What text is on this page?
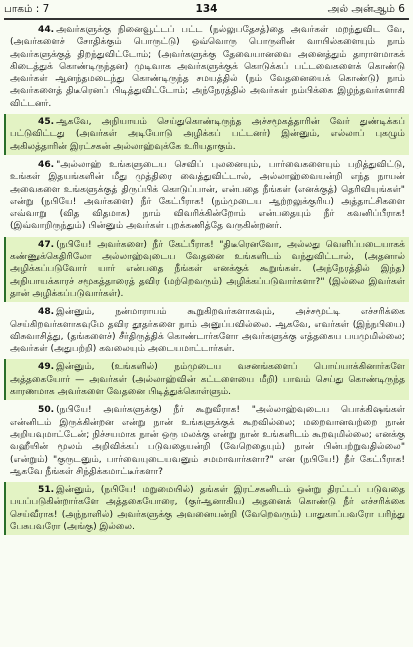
பாகம் : 7	134	அல் அன்ஆம் 6

44. அவர்களுக்கு நினைவூட்டப் பட்ட (நல்லுபதேசத்)தை அவர்கள் மறந்துவிட வே, (அவர்களைச் சோதிக்கும் பொருட்டு) ஒவ்வொரு பொருளின் வாயில்களையும் நாம் அவர்களுக்குத் திறந்துவிட்டோம்; (அவர்களுக்கு தேவையானவை அனைத்தும் தாராளமாகக் கிடைத்துக் கொண்டிருந்தன) முடிவாக அவர்களுக்குக் கொடுக்கப் பட்டவைகளைக் கொண்டு அவர்கள் ஆனந்தமடைந்து கொண்டிருந்த சமயத்தில் (நம் வேதனையைக் கொண்டு) நாம் அவர்களைத் திடீரெனப் பிடித்துவிட்டோம்; அந்நேரத்தில் அவர்கள் நம்பிக்கை இழந்தவர்களாகி விட்டனர்.

45. ஆகவே, அநியாயம் செய்துகொண்டிருந்த அச்சமூகத்தாரின் வேர் துண்டிக்கப் பட்டுவிட்டது (அவர்கள் அடியோடு அழிக்கப் பட்டனர்) இன்னும், எல்லாப் புகழும் அகிலத்தாரின் இரட்சகன் அல்லாஹ்வுக்கே உரியதாகும்.

46. "அல்லாஹ் உங்களுடைய செவிப் புலனையும், பார்வைகளையும் பறித்துவிட்டு, உங்கள் இதயங்களின் மீது முத்திரை வைத்துவிட்டால், அல்லாஹ்வையன்றி எந்த நாயன் அவைகளை உங்களுக்குத் திருப்பிக் கொடுப்பான், என்பதை நீங்கள் (எனக்குத்) தெரிவியுங்கள்" என்று (நபியே! அவர்களை) நீர் கேட்பீராக! (நம்முடைய ஆற்றலுக்குரிய) அத்தாட்சிகளை எவ்வாறு (வித விதமாக) நாம் விவரிக்கின்றோம் என்பதையும் நீர் கவனிப்பீராக! (இவ்வாறிருந்தும்) பின்னும் அவர்கள் புறக்கணித்தே வருகின்றனர்.

47. (நபியே! அவர்களை) நீர் கேட்பீராக! "திடீரெனவோ, அல்லது வெளிப்படையாகக் கண்ணுக்கெதிரிலோ அல்லாஹ்வுடைய வேதனை உங்களிடம் வந்துவிட்டால், (அதனால் அழிக்கப்படுவோர் யார் என்பதை நீங்கள் எனக்குக் கூறுங்கள். (அந்நேரத்தில் இந்த) அநியாயக்காரச் சமூகத்தாரைத் தவிர (மற்றெவரும்) அழிக்கப்படுவார்களா?" (இல்லை இவர்கள் தான் அழிக்கப்படுவார்கள்).

48. இன்னும், நன்மாராயம் கூறுகிறவர்களாகவும், அச்சமூட்டி எச்சரிக்கை செய்கிறவர்களாகவுமே தவிர தூதர்களை நாம் அனுப்பவில்லை. ஆகவே, எவர்கள் (இந்நபியை) விசுவாசித்து, (தங்களைச்) சீர்திருத்திக் கொண்டார்களோ அவர்களுக்கு எத்தகைய பயமுமில்லை; அவர்கள் (அதுபற்றி) கவலையும் அடையமாட்டார்கள்.

49. இன்னும், (உங்களில்) நம்முடைய வசனங்களைப் பொய்யாக்கினார்களே அத்தகையோர் — அவர்கள் (அல்லாஹ்வின் கட்டளையை மீறி) பாவம் செய்து கொண்டிருந்த காரணமாக அவர்களை வேதனை பிடித்துக்கொள்ளும்.

50. (நபியே! அவர்களுக்கு) நீர் கூறுவீராக! "அல்லாஹ்வுடைய பொக்கிஷங்கள் என்னிடம் இருக்கின்றன என்று நான் உங்களுக்குக் கூறவில்லை; மறைவானவற்றை நான் அறியவுமாட்டேன்; நிச்சயமாக நான் ஒரு மலக்கு என்று நான் உங்களிடம் கூறவுமில்லை; எனக்கு வஹீயின் மூலம் அறிவிக்கப் படுவதையன்றி (வேறெதையும்) நான் பின்பற்றுவதில்லை" (என்றும்) "குருடனும், பார்வையுடையவனும் சமமாவார்களா?" என (நபியே!) நீர் கேட்பீராக! ஆகவே நீங்கள் சிந்திக்கமாட்டீர்களா?

51. இன்னும், (நபியே! மறுமையில்) தங்கள் இரட்சகனிடம் ஒன்று திரட்டப் படுவதை பயப்படுகின்றார்களே அத்தகையோரை, (குர்ஆனாகிய) அதனைக் கொண்டு நீர் எச்சரிக்கை செய்வீராக! (அந்நாளில்) அவர்களுக்கு அவனையன்றி (வேறெவரும்) பாதுகாப்பவரோ பரிந்து பேசுபவரோ (அங்கு) இல்லை.
